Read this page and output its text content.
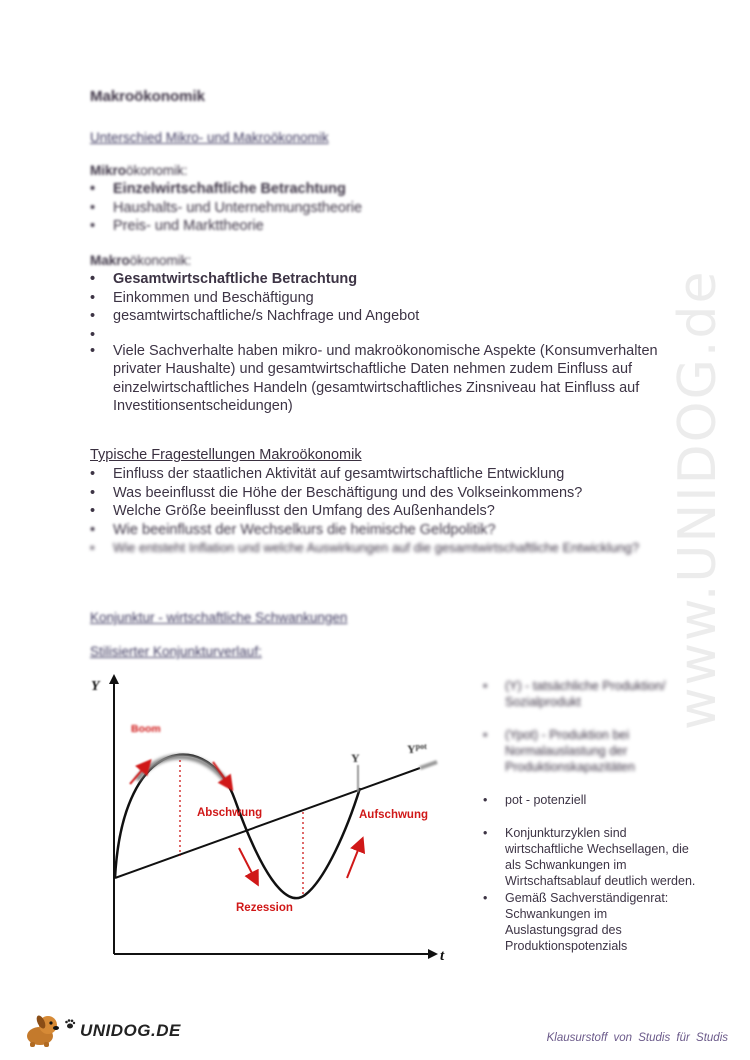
www.UNIDOG.de
Makroökonomik
Unterschied Mikro- und Makroökonomik
Mikroökonomik:
• Einzelwirtschaftliche Betrachtung
• Haushalts- und Unternehmungstheorie
• Preis- und Markttheorie
Makroökonomik:
• Gesamtwirtschaftliche Betrachtung
• Einkommen und Beschäftigung
• gesamtwirtschaftliche/s Nachfrage und Angebot
•
• Viele Sachverhalte haben mikro- und makroökonomische Aspekte (Konsumverhalten privater Haushalte) und gesamtwirtschaftliche Daten nehmen zudem Einfluss auf einzelwirtschaftliches Handeln (gesamtwirtschaftliches Zinsniveau hat Einfluss auf Investitionsentscheidungen)
Typische Fragestellungen Makroökonomik
• Einfluss der staatlichen Aktivität auf gesamtwirtschaftliche Entwicklung
• Was beeinflusst die Höhe der Beschäftigung und des Volkseinkommens?
• Welche Größe beeinflusst den Umfang des Außenhandels?
• Wie beeinflusst der Wechselkurs die heimische Geldpolitik?
• Wie entsteht Inflation und welche Auswirkungen auf die gesamtwirtschaftliche Entwicklung?
Konjunktur - wirtschaftliche Schwankungen
Stilisierter Konjunkturverlauf:
Y
t
Boom
Abschwung
Rezession
Aufschwung
$Y^{pot}$
Y
• (Y) - tatsächliche Produktion/ Sozialprodukt
• (Ypot) - Produktion bei Normalauslastung der Produktionskapazitäten
• pot - potenziell
• Konjunkturzyklen sind wirtschaftliche Wechsellagen, die als Schwankungen im Wirtschaftsablauf deutlich werden.
• Gemäß Sachverständigenrat: Schwankungen im Auslastungsgrad des Produktionspotenzials
UNIDOG.DE	Klausurstoff von Studis für Studis
